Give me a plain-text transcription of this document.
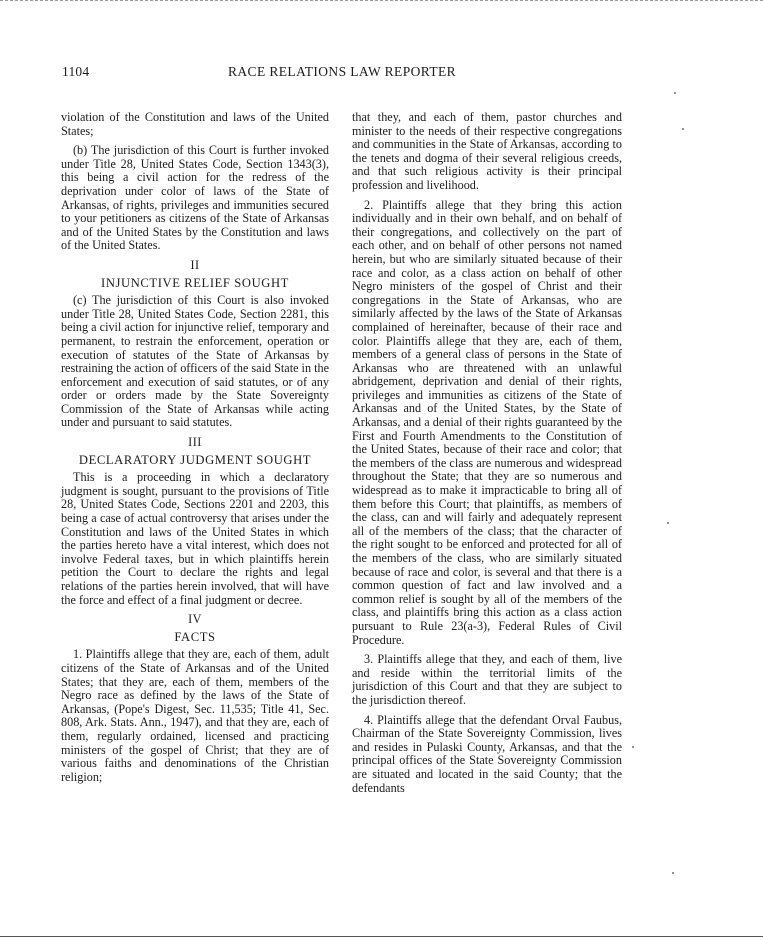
1104	RACE RELATIONS LAW REPORTER

violation of the Constitution and laws of the United States;

(b) The jurisdiction of this Court is further invoked under Title 28, United States Code, Section 1343(3), this being a civil action for the redress of the deprivation under color of laws of the State of Arkansas, of rights, privileges and immunities secured to your petitioners as citizens of the State of Arkansas and of the United States by the Constitution and laws of the United States.

II
INJUNCTIVE RELIEF SOUGHT

(c) The jurisdiction of this Court is also invoked under Title 28, United States Code, Section 2281, this being a civil action for injunctive relief, temporary and permanent, to restrain the enforcement, operation or execution of statutes of the State of Arkansas by restraining the action of officers of the said State in the enforcement and execution of said statutes, or of any order or orders made by the State Sovereignty Commission of the State of Arkansas while acting under and pursuant to said statutes.

III
DECLARATORY JUDGMENT SOUGHT

This is a proceeding in which a declaratory judgment is sought, pursuant to the provisions of Title 28, United States Code, Sections 2201 and 2203, this being a case of actual controversy that arises under the Constitution and laws of the United States in which the parties hereto have a vital interest, which does not involve Federal taxes, but in which plaintiffs herein petition the Court to declare the rights and legal relations of the parties herein involved, that will have the force and effect of a final judgment or decree.

IV
FACTS

1. Plaintiffs allege that they are, each of them, adult citizens of the State of Arkansas and of the United States; that they are, each of them, members of the Negro race as defined by the laws of the State of Arkansas, (Pope's Digest, Sec. 11,535; Title 41, Sec. 808, Ark. Stats. Ann., 1947), and that they are, each of them, regularly ordained, licensed and practicing ministers of the gospel of Christ; that they are of various faiths and denominations of the Christian religion;

that they, and each of them, pastor churches and minister to the needs of their respective congregations and communities in the State of Arkansas, according to the tenets and dogma of their several religious creeds, and that such religious activity is their principal profession and livelihood.

2. Plaintiffs allege that they bring this action individually and in their own behalf, and on behalf of their congregations, and collectively on the part of each other, and on behalf of other persons not named herein, but who are similarly situated because of their race and color, as a class action on behalf of other Negro ministers of the gospel of Christ and their congregations in the State of Arkansas, who are similarly affected by the laws of the State of Arkansas complained of hereinafter, because of their race and color. Plaintiffs allege that they are, each of them, members of a general class of persons in the State of Arkansas who are threatened with an unlawful abridgement, deprivation and denial of their rights, privileges and immunities as citizens of the State of Arkansas and of the United States, by the State of Arkansas, and a denial of their rights guaranteed by the First and Fourth Amendments to the Constitution of the United States, because of their race and color; that the members of the class are numerous and widespread throughout the State; that they are so numerous and widespread as to make it impracticable to bring all of them before this Court; that plaintiffs, as members of the class, can and will fairly and adequately represent all of the members of the class; that the character of the right sought to be enforced and protected for all of the members of the class, who are similarly situated because of race and color, is several and that there is a common question of fact and law involved and a common relief is sought by all of the members of the class, and plaintiffs bring this action as a class action pursuant to Rule 23(a-3), Federal Rules of Civil Procedure.

3. Plaintiffs allege that they, and each of them, live and reside within the territorial limits of the jurisdiction of this Court and that they are subject to the jurisdiction thereof.

4. Plaintiffs allege that the defendant Orval Faubus, Chairman of the State Sovereignty Commission, lives and resides in Pulaski County, Arkansas, and that the principal offices of the State Sovereignty Commission are situated and located in the said County; that the defendants
